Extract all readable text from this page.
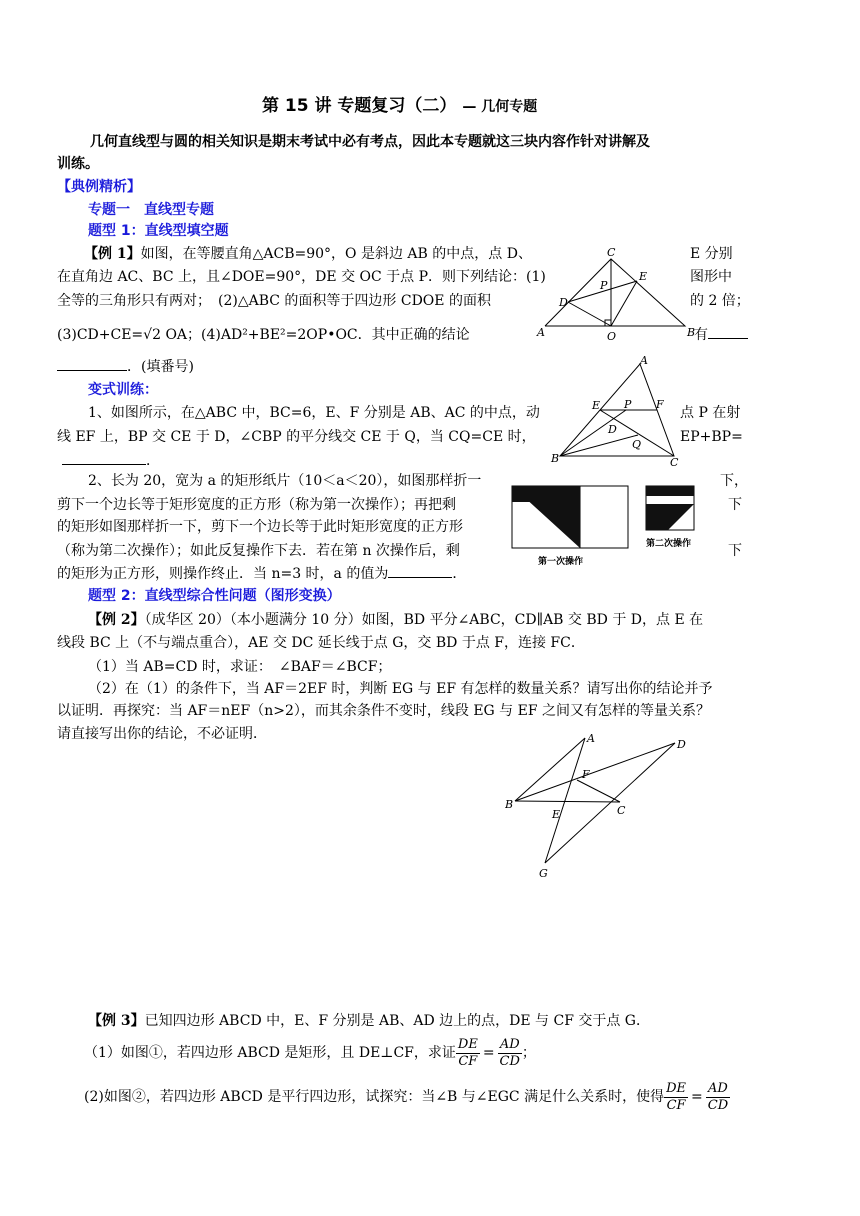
第 15 讲 专题复习（二） — 几何专题
几何直线型与圆的相关知识是期末考试中必有考点，因此本专题就这三块内容作针对讲解及
训练。
【典例精析】
专题一　直线型专题
题型 1：直线型填空题
【例 1】如图，在等腰直角△ACB=90°，O 是斜边 AB 的中点，点 D、	E 分别
在直角边 AC、BC 上，且∠DOE=90°，DE 交 OC 于点 P．则下列结论：(1)	图形中
全等的三角形只有两对；　(2)△ABC 的面积等于四边形 CDOE 的面积	的 2 倍；
(3)CD+CE=√2 OA；(4)AD²+BE²=2OP•OC．其中正确的结论	有
．(填番号)
C
A	B
D
E
O
P
变式训练：
1、如图所示，在△ABC 中，BC=6，E、F 分别是 AB、AC 的中点，动	点 P 在射
线 EF 上，BP 交 CE 于 D，∠CBP 的平分线交 CE 于 Q，当 CQ=CE 时，	EP+BP=
．
A
B	C
E	F
P
D
Q
2、长为 20，宽为 a 的矩形纸片（10＜a＜20），如图那样折一	下，
剪下一个边长等于矩形宽度的正方形（称为第一次操作）；再把剩	下
的矩形如图那样折一下，剪下一个边长等于此时矩形宽度的正方形
（称为第二次操作）；如此反复操作下去．若在第 n 次操作后，剩	下
的矩形为正方形，则操作终止．当 n=3 时，a 的值为	．
第一次操作
第二次操作
题型 2：直线型综合性问题（图形变换）
【例 2】（成华区 20）（本小题满分 10 分）如图，BD 平分∠ABC，CD∥AB 交 BD 于 D，点 E 在
线段 BC 上（不与端点重合），AE 交 DC 延长线于点 G，交 BD 于点 F，连接 FC．
（1）当 AB=CD 时，求证：　∠BAF＝∠BCF；
（2）在（1）的条件下，当 AF＝2EF 时，判断 EG 与 EF 有怎样的数量关系？请写出你的结论并予
以证明．再探究：当 AF＝nEF（n>2），而其余条件不变时，线段 EG 与 EF 之间又有怎样的等量关系？
请直接写出你的结论，不必证明．	A
B	C
D
E
F
G
【例 3】已知四边形 ABCD 中，E、F 分别是 AB、AD 边上的点，DE 与 CF 交于点 G．
（1）如图①，若四边形 ABCD 是矩形，且 DE⊥CF，求证 $\frac{DE}{CF} = \frac{AD}{CD}$ ；
(2)如图②，若四边形 ABCD 是平行四边形，试探究：当∠B 与∠EGC 满足什么关系时，使得 $\frac{DE}{CF} = \frac{AD}{CD}$
